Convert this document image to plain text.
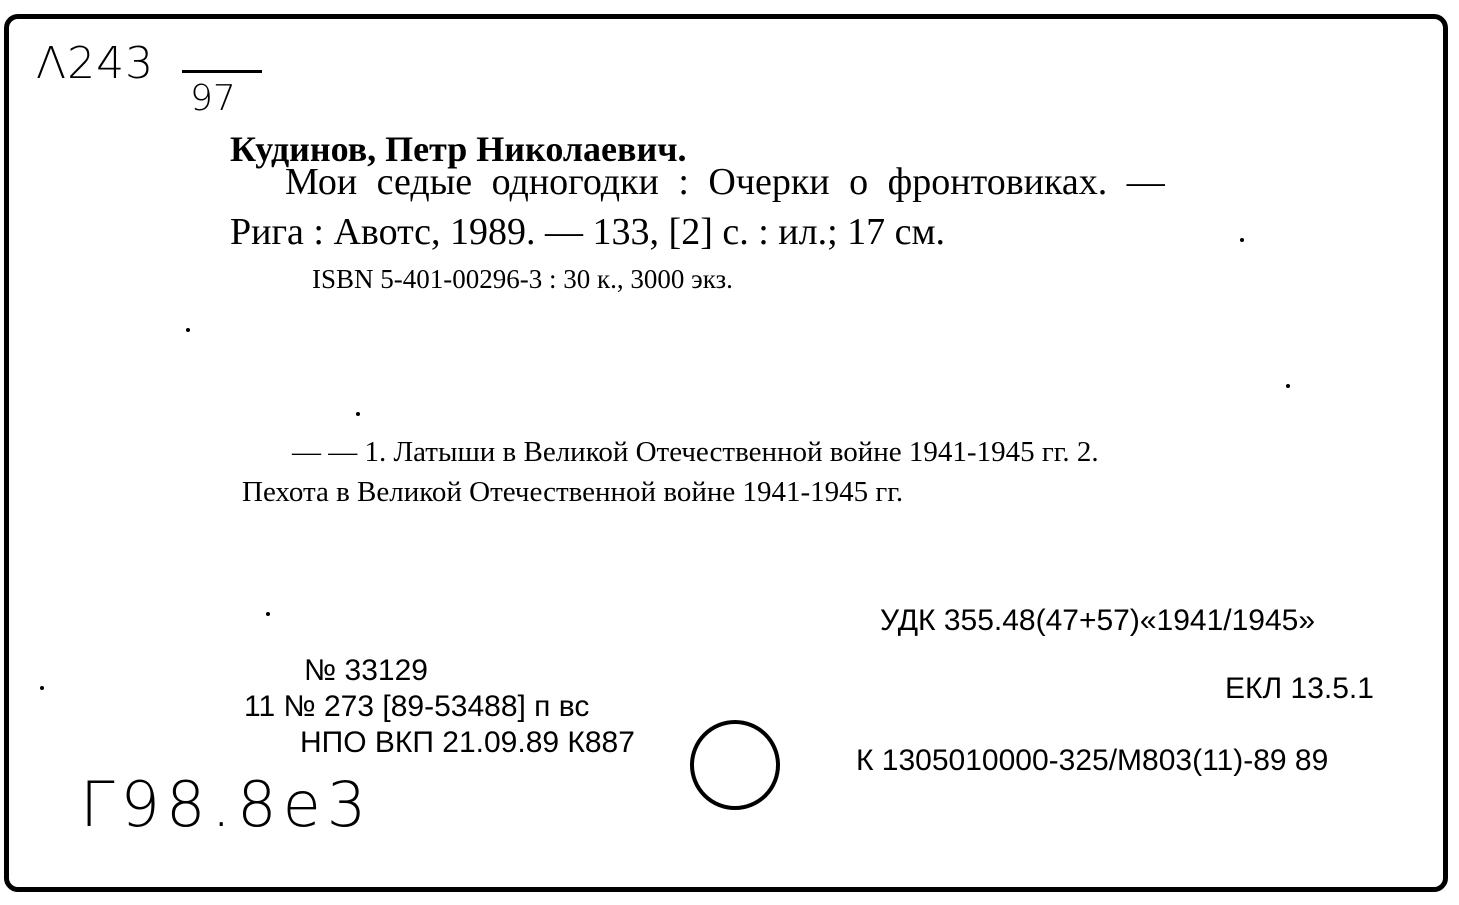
Λ243
97
Кудинов, Петр Николаевич.
Мои седые одногодки : Очерки о фронтовиках. —
Рига : Авотс, 1989. — 133, [2] с. : ил.; 17 см.
ISBN 5-401-00296-3 : 30 к., 3000 экз.
— — 1. Латыши в Великой Отечественной войне 1941-1945 гг. 2.
Пехота в Великой Отечественной войне 1941-1945 гг.
УДК 355.48(47+57)«1941/1945»
ЕКЛ 13.5.1
К 1305010000-325/М803(11)-89 89
№ 33129
11 № 273 [89-53488] п вс
НПО ВКП 21.09.89 К887
Г98.8е3
